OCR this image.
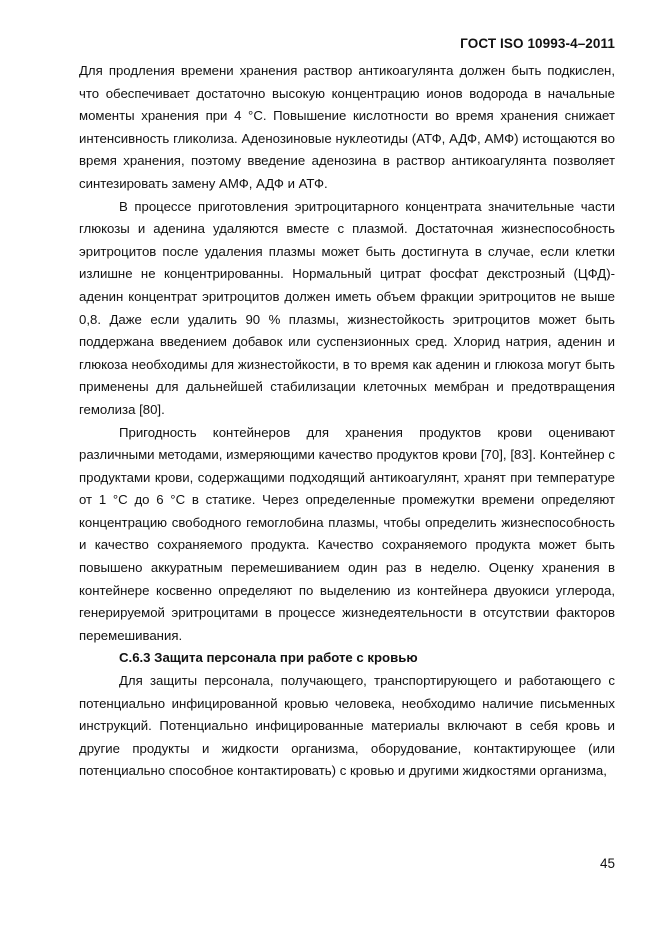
ГОСТ ISO 10993-4–2011

Для продления времени хранения раствор антикоагулянта должен быть подкислен, что обеспечивает достаточно высокую концентрацию ионов водорода в начальные моменты хранения при 4 °С. Повышение кислотности во время хранения снижает интенсивность гликолиза. Аденозиновые нуклеотиды (АТФ, АДФ, АМФ) истощаются во время хранения, поэтому введение аденозина в раствор антикоагулянта позволяет синтезировать замену АМФ, АДФ и АТФ.

В процессе приготовления эритроцитарного концентрата значительные части глюкозы и аденина удаляются вместе с плазмой. Достаточная жизнеспособность эритроцитов после удаления плазмы может быть достигнута в случае, если клетки излишне не концентрированны. Нормальный цитрат фосфат декстрозный (ЦФД)-аденин концентрат эритроцитов должен иметь объем фракции эритроцитов не выше 0,8. Даже если удалить 90 % плазмы, жизнестойкость эритроцитов может быть поддержана введением добавок или суспензионных сред. Хлорид натрия, аденин и глюкоза необходимы для жизнестойкости, в то время как аденин и глюкоза могут быть применены для дальнейшей стабилизации клеточных мембран и предотвращения гемолиза [80].

Пригодность контейнеров для хранения продуктов крови оценивают различными методами, измеряющими качество продуктов крови [70], [83]. Контейнер с продуктами крови, содержащими подходящий антикоагулянт, хранят при температуре от 1 °С до 6 °С в статике. Через определенные промежутки времени определяют концентрацию свободного гемоглобина плазмы, чтобы определить жизнеспособность и качество сохраняемого продукта. Качество сохраняемого продукта может быть повышено аккуратным перемешиванием один раз в неделю. Оценку хранения в контейнере косвенно определяют по выделению из контейнера двуокиси углерода, генерируемой эритроцитами в процессе жизнедеятельности в отсутствии факторов перемешивания.

С.6.3 Защита персонала при работе с кровью

Для защиты персонала, получающего, транспортирующего и работающего с потенциально инфицированной кровью человека, необходимо наличие письменных инструкций. Потенциально инфицированные материалы включают в себя кровь и другие продукты и жидкости организма, оборудование, контактирующее (или потенциально способное контактировать) с кровью и другими жидкостями организма,

45
